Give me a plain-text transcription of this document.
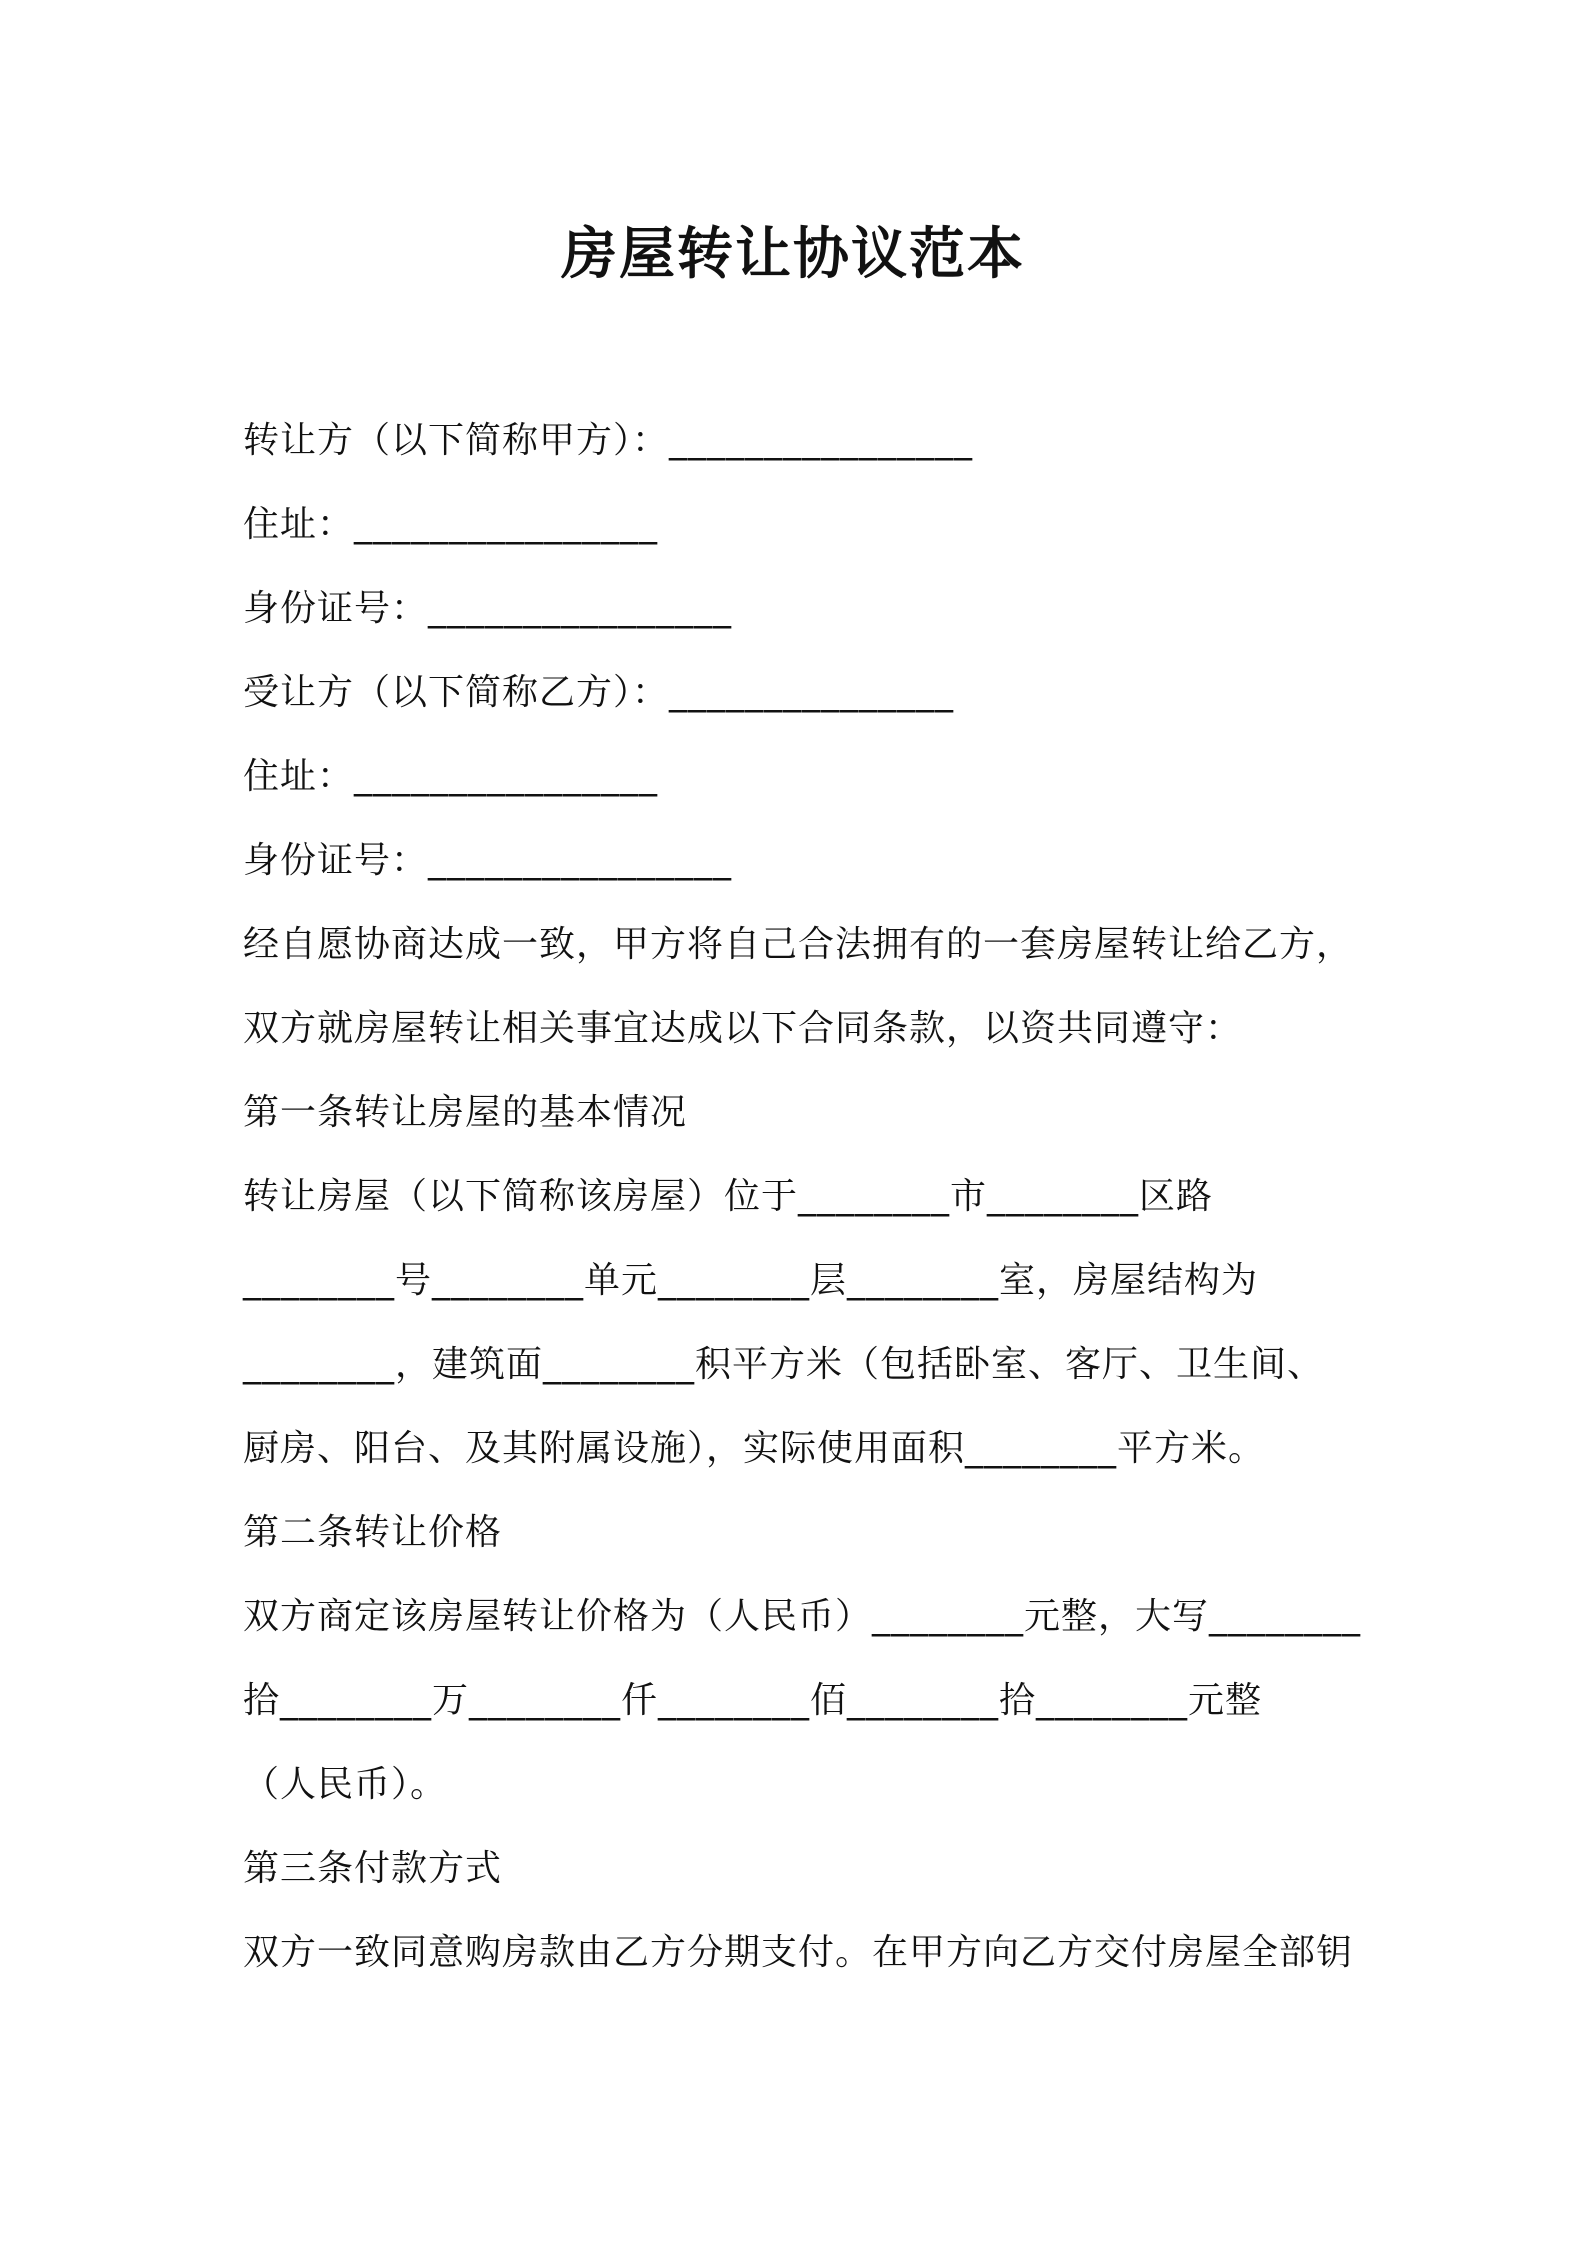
房屋转让协议范本
转让方（以下简称甲方）：________________
住址：________________
身份证号：________________
受让方（以下简称乙方）：_______________
住址：________________
身份证号：________________
经自愿协商达成一致，甲方将自己合法拥有的一套房屋转让给乙方，
双方就房屋转让相关事宜达成以下合同条款，以资共同遵守：
第一条转让房屋的基本情况
转让房屋（以下简称该房屋）位于________市________区路
________号________单元________层________室，房屋结构为
________，建筑面________积平方米（包括卧室、客厅、卫生间、
厨房、阳台、及其附属设施），实际使用面积________平方米。
第二条转让价格
双方商定该房屋转让价格为（人民币）________元整，大写________
拾________万________仟________佰________拾________元整
（人民币）。
第三条付款方式
双方一致同意购房款由乙方分期支付。在甲方向乙方交付房屋全部钥
